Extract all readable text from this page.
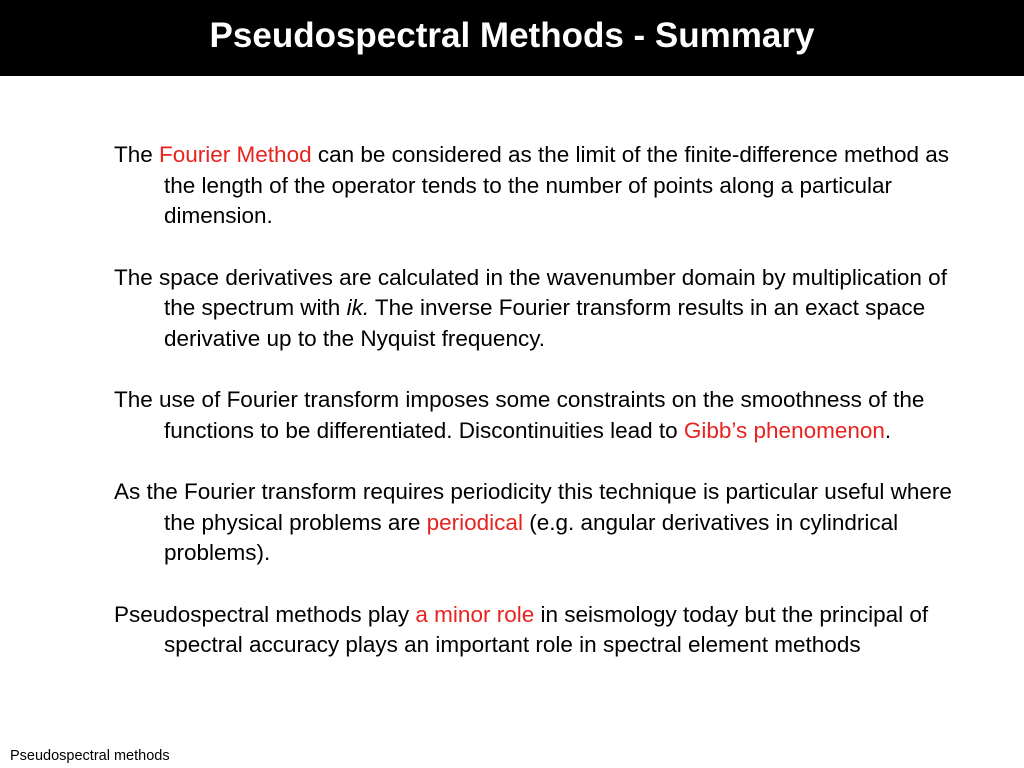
Pseudospectral Methods - Summary

The Fourier Method can be considered as the limit of the finite-difference method as the length of the operator tends to the number of points along a particular dimension.

The space derivatives are calculated in the wavenumber domain by multiplication of the spectrum with ik. The inverse Fourier transform results in an exact space derivative up to the Nyquist frequency.

The use of Fourier transform imposes some constraints on the smoothness of the functions to be differentiated. Discontinuities lead to Gibb’s phenomenon.

As the Fourier transform requires periodicity this technique is particular useful where the physical problems are periodical (e.g. angular derivatives in cylindrical problems).

Pseudospectral methods play a minor role in seismology today but the principal of spectral accuracy plays an important role in spectral element methods

Pseudospectral methods
